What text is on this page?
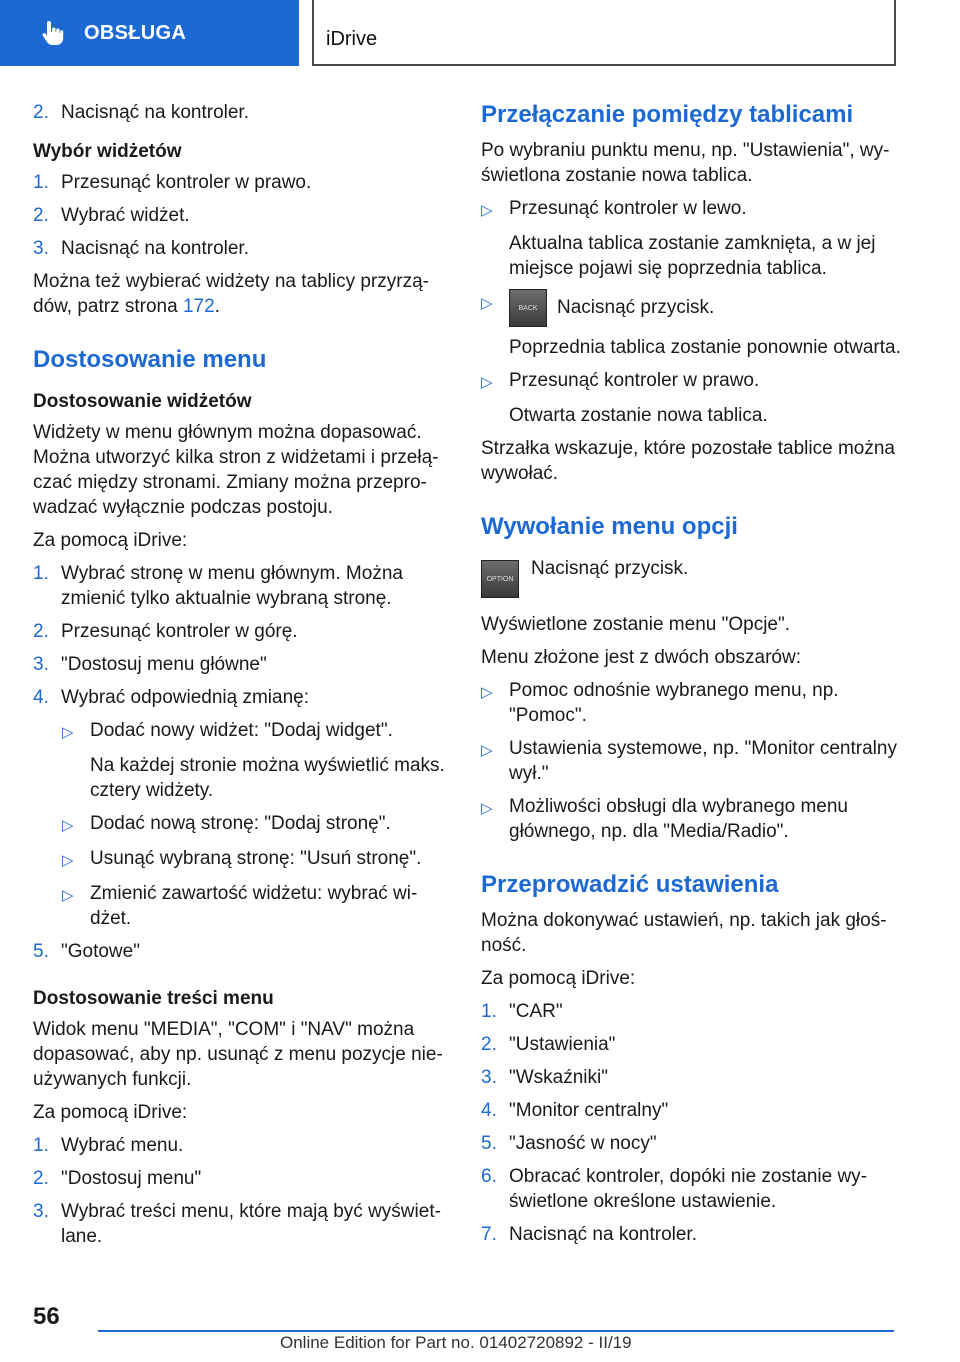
OBSŁUGA	iDrive
2. Nacisnąć na kontroler.
Wybór widżetów
1. Przesunąć kontroler w prawo.
2. Wybrać widżet.
3. Nacisnąć na kontroler.

Można też wybierać widżety na tablicy przyrządów, patrz strona 172.

Dostosowanie menu
Dostosowanie widżetów

Widżety w menu głównym można dopasować. Można utworzyć kilka stron z widżetami i przełączać między stronami. Zmiany można przeprowadzać wyłącznie podczas postoju.

Za pomocą iDrive:

1. Wybrać stronę w menu głównym. Można zmienić tylko aktualnie wybraną stronę.
2. Przesunąć kontroler w górę.
3. "Dostosuj menu główne"
4. Wybrać odpowiednią zmianę:
▷ Dodać nowy widżet: "Dodaj widget".

Na każdej stronie można wyświetlić maks. cztery widżety.

▷ Dodać nową stronę: "Dodaj stronę".
▷ Usunąć wybraną stronę: "Usuń stronę".
▷ Zmienić zawartość widżetu: wybrać widżet.
5. "Gotowe"
Dostosowanie treści menu

Widok menu "MEDIA", "COM" i "NAV" można dopasować, aby np. usunąć z menu pozycje nieużywanych funkcji.

Za pomocą iDrive:

1. Wybrać menu.
2. "Dostosuj menu"
3. Wybrać treści menu, które mają być wyświetlane.
Przełączanie pomiędzy tablicami

Po wybraniu punktu menu, np. "Ustawienia", wyświetlona zostanie nowa tablica.

▷ Przesunąć kontroler w lewo.

Aktualna tablica zostanie zamknięta, a w jej miejsce pojawi się poprzednia tablica.

▷	BACK Nacisnąć przycisk.

Poprzednia tablica zostanie ponownie otwarta.

▷ Przesunąć kontroler w prawo.

Otwarta zostanie nowa tablica.

Strzałka wskazuje, które pozostałe tablice można wywołać.

Wywołanie menu opcji
OPTION
Nacisnąć przycisk.

Wyświetlone zostanie menu "Opcje".

Menu złożone jest z dwóch obszarów:

▷ Pomoc odnośnie wybranego menu, np. "Pomoc".
▷ Ustawienia systemowe, np. "Monitor centralny wył."
▷ Możliwości obsługi dla wybranego menu głównego, np. dla "Media/Radio".
Przeprowadzić ustawienia

Można dokonywać ustawień, np. takich jak głośność.

Za pomocą iDrive:

1. "CAR"
2. "Ustawienia"
3. "Wskaźniki"
4. "Monitor centralny"
5. "Jasność w nocy"
6. Obracać kontroler, dopóki nie zostanie wyświetlone określone ustawienie.
7. Nacisnąć na kontroler.
56
Online Edition for Part no. 01402720892 - II/19
